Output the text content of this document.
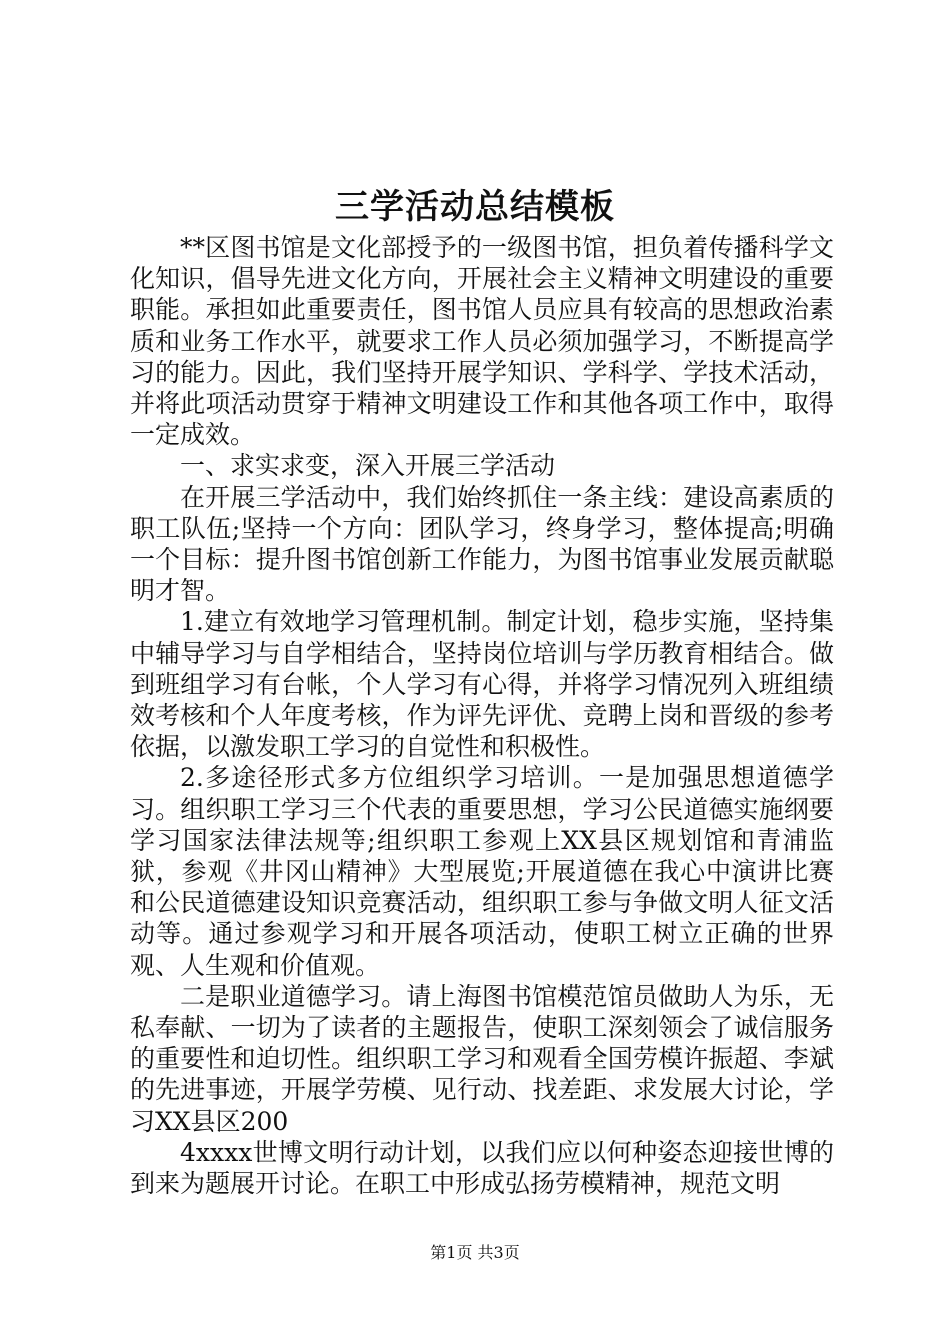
三学活动总结模板

**区图书馆是文化部授予的一级图书馆，担负着传播科学文化知识，倡导先进文化方向，开展社会主义精神文明建设的重要职能。承担如此重要责任，图书馆人员应具有较高的思想政治素质和业务工作水平，就要求工作人员必须加强学习，不断提高学习的能力。因此，我们坚持开展学知识、学科学、学技术活动，并将此项活动贯穿于精神文明建设工作和其他各项工作中，取得一定成效。

一、求实求变，深入开展三学活动

在开展三学活动中，我们始终抓住一条主线：建设高素质的职工队伍;坚持一个方向：团队学习，终身学习，整体提高;明确一个目标：提升图书馆创新工作能力，为图书馆事业发展贡献聪明才智。

1.建立有效地学习管理机制。制定计划，稳步实施，坚持集中辅导学习与自学相结合，坚持岗位培训与学历教育相结合。做到班组学习有台帐，个人学习有心得，并将学习情况列入班组绩效考核和个人年度考核，作为评先评优、竞聘上岗和晋级的参考依据，以激发职工学习的自觉性和积极性。

2.多途径形式多方位组织学习培训。一是加强思想道德学习。组织职工学习三个代表的重要思想，学习公民道德实施纲要学习国家法律法规等;组织职工参观上XX县区规划馆和青浦监狱，参观《井冈山精神》大型展览;开展道德在我心中演讲比赛和公民道德建设知识竞赛活动，组织职工参与争做文明人征文活动等。通过参观学习和开展各项活动，使职工树立正确的世界观、人生观和价值观。

二是职业道德学习。请上海图书馆模范馆员做助人为乐，无私奉献、一切为了读者的主题报告，使职工深刻领会了诚信服务的重要性和迫切性。组织职工学习和观看全国劳模许振超、李斌的先进事迹，开展学劳模、见行动、找差距、求发展大讨论，学习XX县区200

4xxxx世博文明行动计划，以我们应以何种姿态迎接世博的到来为题展开讨论。在职工中形成弘扬劳模精神，规范文明

第1页 共3页
